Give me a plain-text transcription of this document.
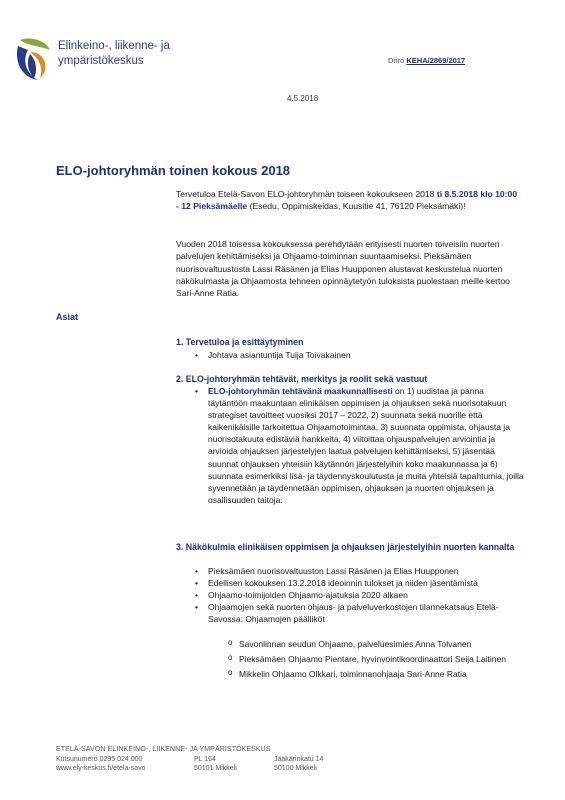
Elinkeino-, liikenne- ja
ympäristökeskus	Dnro KEHA/2869/2017
4.5.2018
ELO-johtoryhmän toinen kokous 2018
Tervetuloa Etelä-Savon ELO-johtoryhmän toiseen kokoukseen 2018 ti 8.5.2018 klo 10:00 - 12 Pieksämäelle (Esedu, Oppimiskeidas, Kuusitie 41, 76120 Pieksämäki)!
Vuoden 2018 toisessa kokouksessa perehdytään erityisesti nuorten toiveisiin nuorten palvelujen kehittämiseksi ja Ohjaamo-toiminnan suuntaamiseksi. Pieksämäen nuorisovaltuustosta Lassi Räsänen ja Elias Huupponen alustavat keskustelua nuorten näkökulmasta ja Ohjaamosta tehneen opinnäytetyön tuloksista puolestaan meille kertoo Sari-Anne Ratia.
Asiat
1. Tervetuloa ja esittäytyminen
• Johtava asiantuntija Tuija Toivakainen
2. ELO-johtoryhmän tehtävät, merkitys ja roolit sekä vastuut
• ELO-johtoryhmän tehtävänä maakunnallisesti on 1) uudistaa ja panna täytäntöön maakuntaan elinikäisen oppimisen ja ohjauksen sekä nuorisotakuun strategiset tavoitteet vuosiksi 2017 – 2022, 2) suunnata sekä nuorille että kaikenikäisille tarkoitettua Ohjaamotoimintaa, 3) suunnata oppimista, ohjausta ja nuorisotakuuta edistäviä hankkeita, 4) viitoittaa ohjauspalvelujen arviointia ja arvioida ohjauksen järjestelyjen laatua palvelujen kehittämiseksi, 5) jäsentää suunnat ohjauksen yhteisiin käytännön järjestelyihin koko maakunnassa ja 6) suunnata esimerkiksi lisä- ja täydennyskoulutusta ja muita yhteisiä tapahtumia, joilla syvennetään ja täydennetään oppimisen, ohjauksen ja nuorten ohjauksen ja osallisuuden taitoja.
3. Näkökulmia elinikäisen oppimisen ja ohjauksen järjestelyihin nuorten kannalta
• Pieksämäen nuorisovaltuuston Lassi Räsänen ja Elias Huupponen
• Edellisen kokouksen 13.2.2018 ideoinnin tulokset ja niiden jäsentämistä
• Ohjaamo-toimijoiden Ohjaamo-ajatuksia 2020 alkaen
• Ohjaamojen sekä nuorten ohjaus- ja palveluverkostojen tilannekatsaus Etelä-Savossa: Ohjaamojen päälliköt
o Savonlinnan seudun Ohjaamo, palveluesimies Anna Tolvanen
o Pieksämäen Ohjaamo Pientare, hyvinvointikoordinaattori Seija Laitinen
o Mikkelin Ohjaamo Olkkari, toiminnanohjaaja Sari-Anne Ratia
ETELÄ-SAVON ELINKEINO-, LIIKENNE- JA YMPÄRISTÖKESKUS
Kutsunumero 0295 024 000	PL 164	Jääkärinkatu 14
www.ely-keskus.fi/etela-savo	50101 Mikkeli	50100 Mikkeli
